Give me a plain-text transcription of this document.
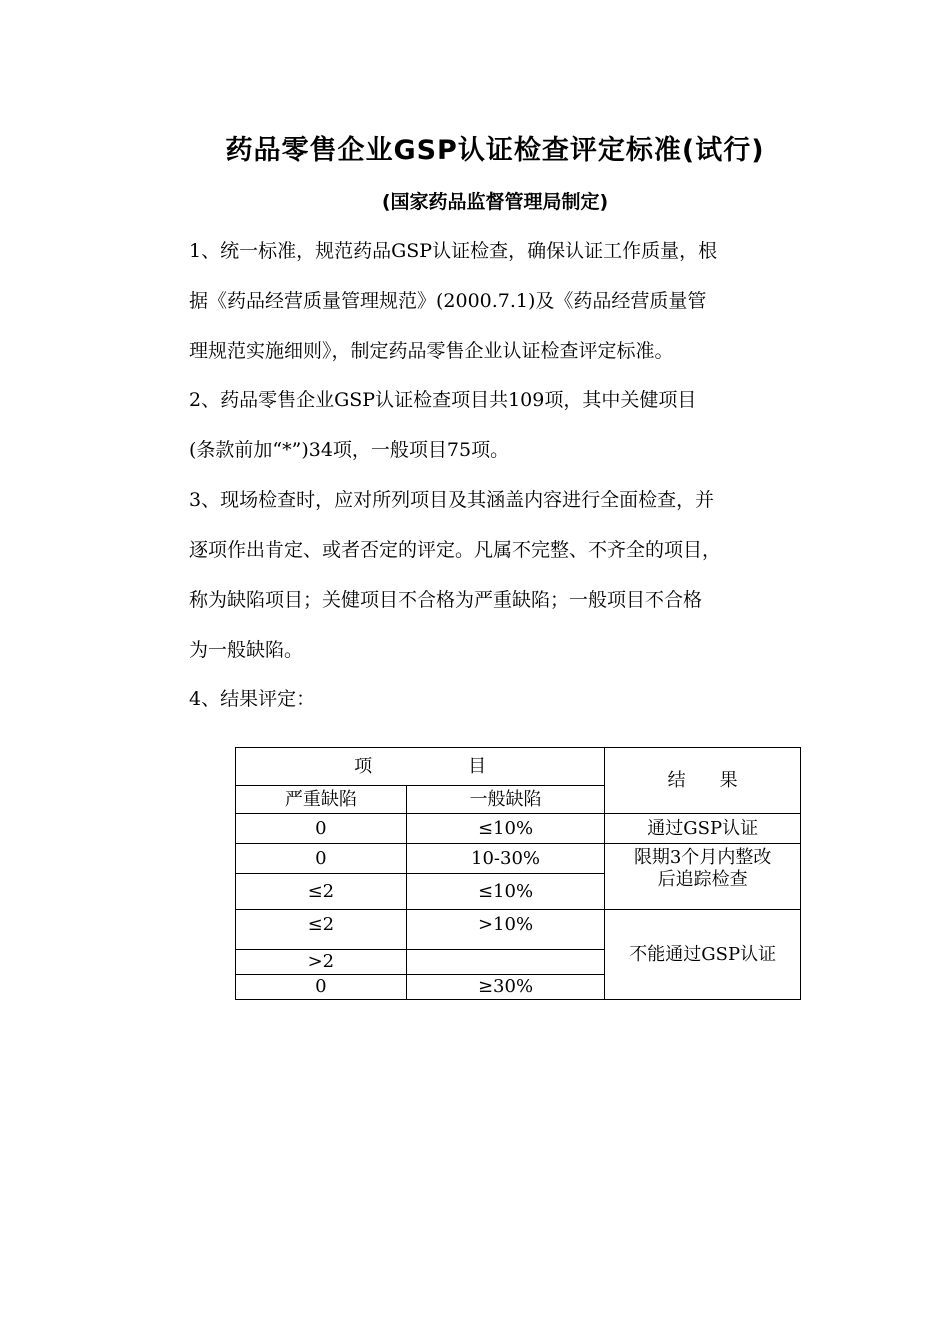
药品零售企业GSP认证检查评定标准(试行)
(国家药品监督管理局制定)
1、统一标准，规范药品GSP认证检查，确保认证工作质量，根
据《药品经营质量管理规范》(2000.7.1)及《药品经营质量管
理规范实施细则》，制定药品零售企业认证检查评定标准。
2、药品零售企业GSP认证检查项目共109项，其中关健项目
(条款前加“*”)34项，一般项目75项。
3、现场检查时，应对所列项目及其涵盖内容进行全面检查，并
逐项作出肯定、或者否定的评定。凡属不完整、不齐全的项目，
称为缺陷项目；关健项目不合格为严重缺陷；一般项目不合格
为一般缺陷。
4、结果评定：
项 目		结 果
严重缺陷	一般缺陷	
0	≤10%	通过GSP认证
0	10-30%	限期3个月内整改
后追踪检查

≤2	≤10%	
≤2	>10%	不能通过GSP认证
>2		
0	≥30%	
